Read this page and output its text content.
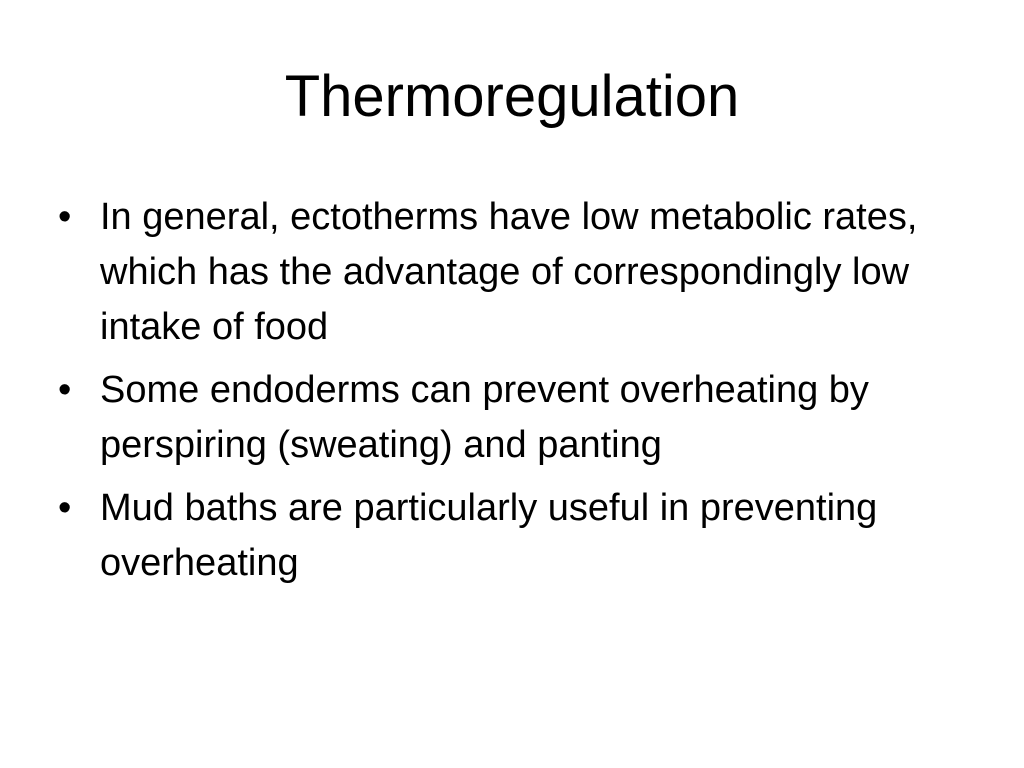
Thermoregulation
• In general, ectotherms have low metabolic rates, which has the advantage of correspondingly low intake of food
• Some endoderms can prevent overheating by perspiring (sweating) and panting
• Mud baths are particularly useful in preventing overheating
